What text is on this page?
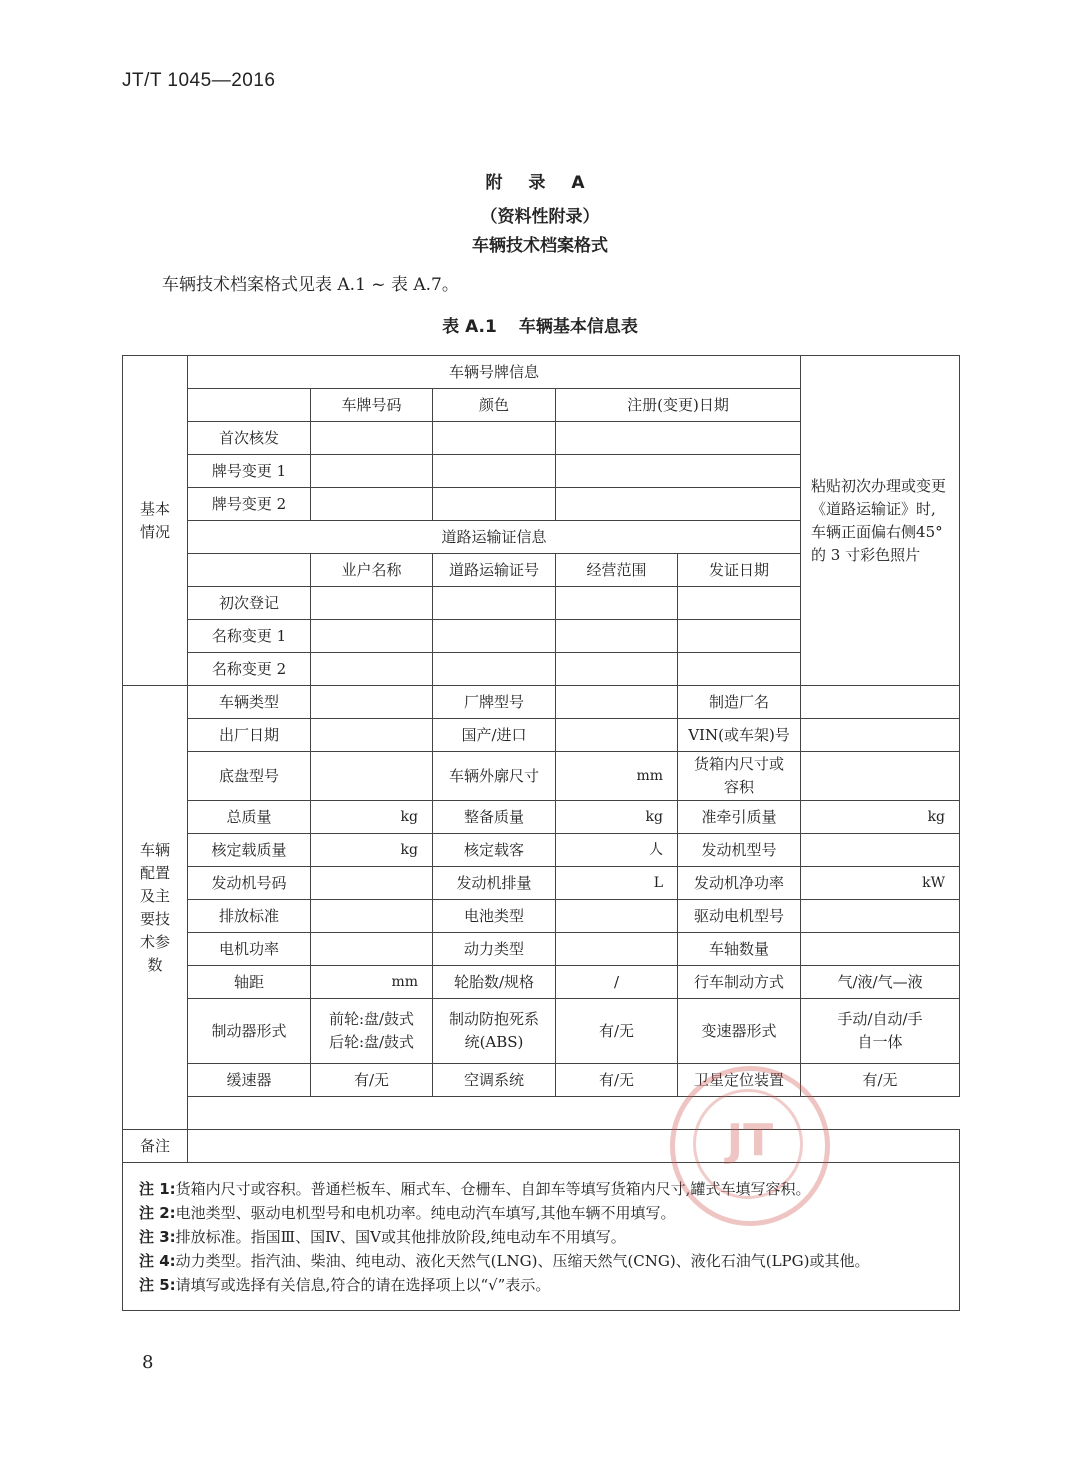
JT/T 1045—2016
附 录 A
（资料性附录）
车辆技术档案格式
车辆技术档案格式见表 A.1 ~ 表 A.7。
表 A.1 车辆基本信息表
基本情况	车辆号牌信息					粘贴初次办理或变更《道路运输证》时,车辆正面偏右侧45°的 3 寸彩色照片

		车牌号码	颜色	注册(变更)日期		
	首次核发					
	牌号变更 1					
	牌号变更 2					
	道路运输证信息					
		业户名称	道路运输证号	经营范围	发证日期	
	初次登记					
	名称变更 1					
	名称变更 2					

车辆配置及主要技术参数	车辆类型		厂牌型号		制造厂名	
	出厂日期		国产/进口		VIN(或车架)号	
	底盘型号		车辆外廓尺寸	mm	货箱内尺寸或容积	

	总质量	kg	整备质量	kg	准牵引质量	kg
	核定载质量	kg	核定载客	人	发动机型号	
	发动机号码		发动机排量	L	发动机净功率	kW
	排放标准		电池类型		驱动电机型号	
	电机功率		动力类型		车轴数量	
	轴距	mm	轮胎数/规格	/	行车制动方式	气/液/气—液
	制动器形式	前轮:盘/鼓式
后轮:盘/鼓式	制动防抱死系统(ABS)	有/无	变速器形式	手动/自动/手自一体

	缓速器	有/无	空调系统	有/无	卫星定位装置	有/无

备注						

注 1:货箱内尺寸或容积。普通栏板车、厢式车、仓栅车、自卸车等填写货箱内尺寸,罐式车填写容积。
注 2:电池类型、驱动电机型号和电机功率。纯电动汽车填写,其他车辆不用填写。
注 3:排放标准。指国Ⅲ、国Ⅳ、国Ⅴ或其他排放阶段,纯电动车不用填写。
注 4:动力类型。指汽油、柴油、纯电动、液化天然气(LNG)、压缩天然气(CNG)、液化石油气(LPG)或其他。
注 5:请填写或选择有关信息,符合的请在选择项上以“√”表示。						
JT
8
